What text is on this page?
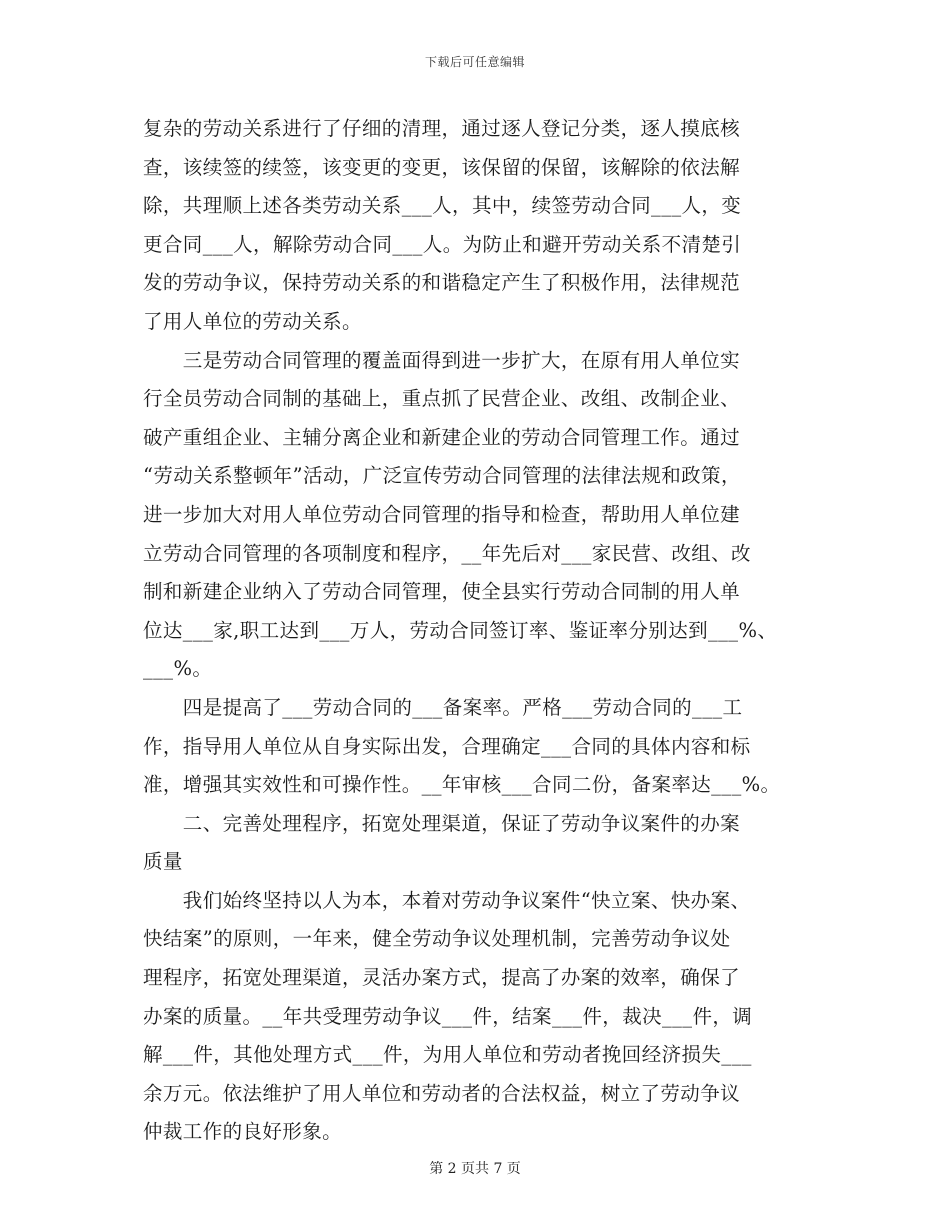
下载后可任意编辑
复杂的劳动关系进行了仔细的清理，通过逐人登记分类，逐人摸底核
查，该续签的续签，该变更的变更，该保留的保留，该解除的依法解
除，共理顺上述各类劳动关系___人，其中，续签劳动合同___人，变
更合同___人，解除劳动合同___人。为防止和避开劳动关系不清楚引
发的劳动争议，保持劳动关系的和谐稳定产生了积极作用，法律规范
了用人单位的劳动关系。
　　三是劳动合同管理的覆盖面得到进一步扩大，在原有用人单位实
行全员劳动合同制的基础上，重点抓了民营企业、改组、改制企业、
破产重组企业、主辅分离企业和新建企业的劳动合同管理工作。通过
“劳动关系整顿年”活动，广泛宣传劳动合同管理的法律法规和政策，
进一步加大对用人单位劳动合同管理的指导和检查，帮助用人单位建
立劳动合同管理的各项制度和程序，__年先后对___家民营、改组、改
制和新建企业纳入了劳动合同管理，使全县实行劳动合同制的用人单
位达___家,职工达到___万人，劳动合同签订率、鉴证率分别达到___%、
___%。
　　四是提高了___劳动合同的___备案率。严格___劳动合同的___工
作，指导用人单位从自身实际出发，合理确定___合同的具体内容和标
准，增强其实效性和可操作性。__年审核___合同二份，备案率达___%。
　　二、完善处理程序，拓宽处理渠道，保证了劳动争议案件的办案
质量
　　我们始终坚持以人为本，本着对劳动争议案件“快立案、快办案、
快结案”的原则，一年来，健全劳动争议处理机制，完善劳动争议处
理程序，拓宽处理渠道，灵活办案方式，提高了办案的效率，确保了
办案的质量。__年共受理劳动争议___件，结案___件，裁决___件，调
解___件，其他处理方式___件，为用人单位和劳动者挽回经济损失___
余万元。依法维护了用人单位和劳动者的合法权益，树立了劳动争议
仲裁工作的良好形象。
第 2 页共 7 页
